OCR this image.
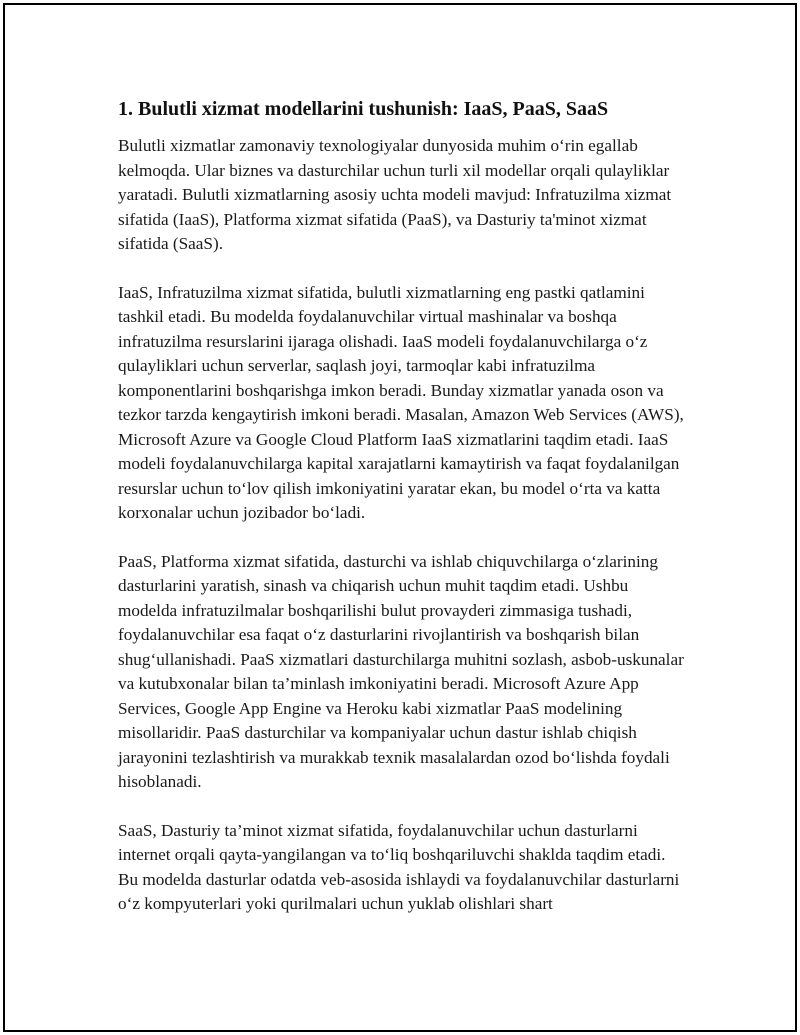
1. Bulutli xizmat modellarini tushunish: IaaS, PaaS, SaaS

Bulutli xizmatlar zamonaviy texnologiyalar dunyosida muhim o‘rin egallab kelmoqda. Ular biznes va dasturchilar uchun turli xil modellar orqali qulayliklar yaratadi. Bulutli xizmatlarning asosiy uchta modeli mavjud: Infratuzilma xizmat sifatida (IaaS), Platforma xizmat sifatida (PaaS), va Dasturiy ta'minot xizmat sifatida (SaaS).

IaaS, Infratuzilma xizmat sifatida, bulutli xizmatlarning eng pastki qatlamini tashkil etadi. Bu modelda foydalanuvchilar virtual mashinalar va boshqa infratuzilma resurslarini ijaraga olishadi. IaaS modeli foydalanuvchilarga o‘z qulayliklari uchun serverlar, saqlash joyi, tarmoqlar kabi infratuzilma komponentlarini boshqarishga imkon beradi. Bunday xizmatlar yanada oson va tezkor tarzda kengaytirish imkoni beradi. Masalan, Amazon Web Services (AWS), Microsoft Azure va Google Cloud Platform IaaS xizmatlarini taqdim etadi. IaaS modeli foydalanuvchilarga kapital xarajatlarni kamaytirish va faqat foydalanilgan resurslar uchun to‘lov qilish imkoniyatini yaratar ekan, bu model o‘rta va katta korxonalar uchun jozibador bo‘ladi.

PaaS, Platforma xizmat sifatida, dasturchi va ishlab chiquvchilarga o‘zlarining dasturlarini yaratish, sinash va chiqarish uchun muhit taqdim etadi. Ushbu modelda infratuzilmalar boshqarilishi bulut provayderi zimmasiga tushadi, foydalanuvchilar esa faqat o‘z dasturlarini rivojlantirish va boshqarish bilan shug‘ullanishadi. PaaS xizmatlari dasturchilarga muhitni sozlash, asbob-uskunalar va kutubxonalar bilan ta’minlash imkoniyatini beradi. Microsoft Azure App Services, Google App Engine va Heroku kabi xizmatlar PaaS modelining misollaridir. PaaS dasturchilar va kompaniyalar uchun dastur ishlab chiqish jarayonini tezlashtirish va murakkab texnik masalalardan ozod bo‘lishda foydali hisoblanadi.

SaaS, Dasturiy ta’minot xizmat sifatida, foydalanuvchilar uchun dasturlarni internet orqali qayta-yangilangan va to‘liq boshqariluvchi shaklda taqdim etadi. Bu modelda dasturlar odatda veb-asosida ishlaydi va foydalanuvchilar dasturlarni o‘z kompyuterlari yoki qurilmalari uchun yuklab olishlari shart
